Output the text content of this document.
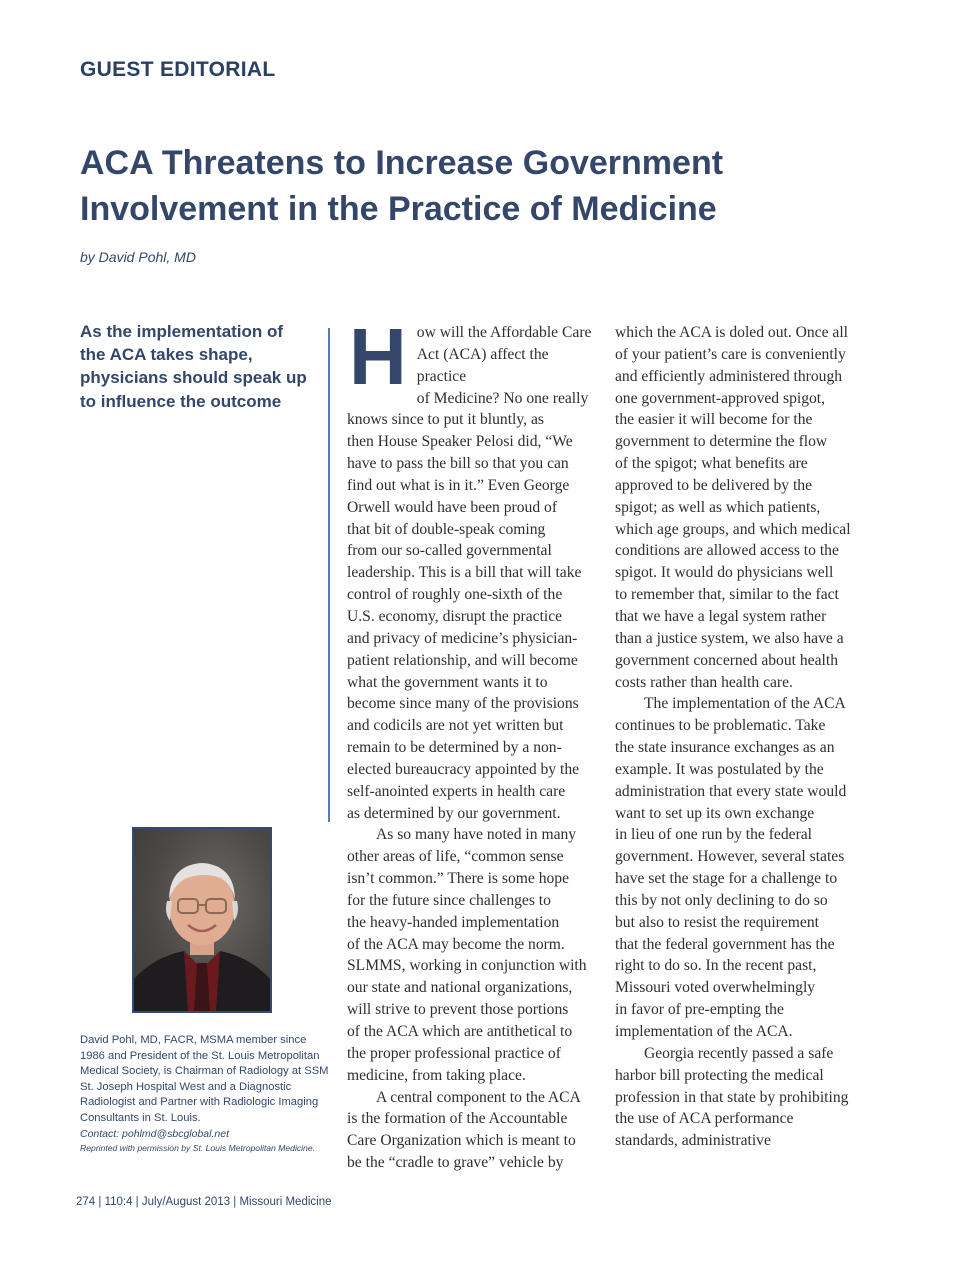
GUEST EDITORIAL
ACA Threatens to Increase Government Involvement in the Practice of Medicine
by David Pohl, MD
As the implementation of the ACA takes shape, physicians should speak up to influence the outcome

How will the Affordable Care
Act (ACA) affect the practice
of Medicine? No one really
knows since to put it bluntly, as
then House Speaker Pelosi did, “We
have to pass the bill so that you can
find out what is in it.” Even George
Orwell would have been proud of
that bit of double-speak coming
from our so-called governmental
leadership. This is a bill that will take
control of roughly one-sixth of the
U.S. economy, disrupt the practice
and privacy of medicine’s physician-
patient relationship, and will become
what the government wants it to
become since many of the provisions
and codicils are not yet written but
remain to be determined by a non-
elected bureaucracy appointed by the
self-anointed experts in health care
as determined by our government.

As so many have noted in many
other areas of life, “common sense
isn’t common.” There is some hope
for the future since challenges to
the heavy-handed implementation
of the ACA may become the norm.
SLMMS, working in conjunction with
our state and national organizations,
will strive to prevent those portions
of the ACA which are antithetical to
the proper professional practice of
medicine, from taking place.

A central component to the ACA
is the formation of the Accountable
Care Organization which is meant to
be the “cradle to grave” vehicle by

which the ACA is doled out. Once all
of your patient’s care is conveniently
and efficiently administered through
one government-approved spigot,
the easier it will become for the
government to determine the flow
of the spigot; what benefits are
approved to be delivered by the
spigot; as well as which patients,
which age groups, and which medical
conditions are allowed access to the
spigot. It would do physicians well
to remember that, similar to the fact
that we have a legal system rather
than a justice system, we also have a
government concerned about health
costs rather than health care.

The implementation of the ACA
continues to be problematic. Take
the state insurance exchanges as an
example. It was postulated by the
administration that every state would
want to set up its own exchange
in lieu of one run by the federal
government. However, several states
have set the stage for a challenge to
this by not only declining to do so
but also to resist the requirement
that the federal government has the
right to do so. In the recent past,
Missouri voted overwhelmingly
in favor of pre-empting the
implementation of the ACA.

Georgia recently passed a safe
harbor bill protecting the medical
profession in that state by prohibiting
the use of ACA performance
standards, administrative

David Pohl, MD, FACR, MSMA member since 1986 and President of the St. Louis Metropolitan Medical Society, is Chairman of Radiology at SSM St. Joseph Hospital West and a Diagnostic Radiologist and Partner with Radiologic Imaging Consultants in St. Louis.
Contact: pohlmd@sbcglobal.net
Reprinted with permission by St. Louis Metropolitan Medicine.
274 | 110:4 | July/August 2013 | Missouri Medicine
